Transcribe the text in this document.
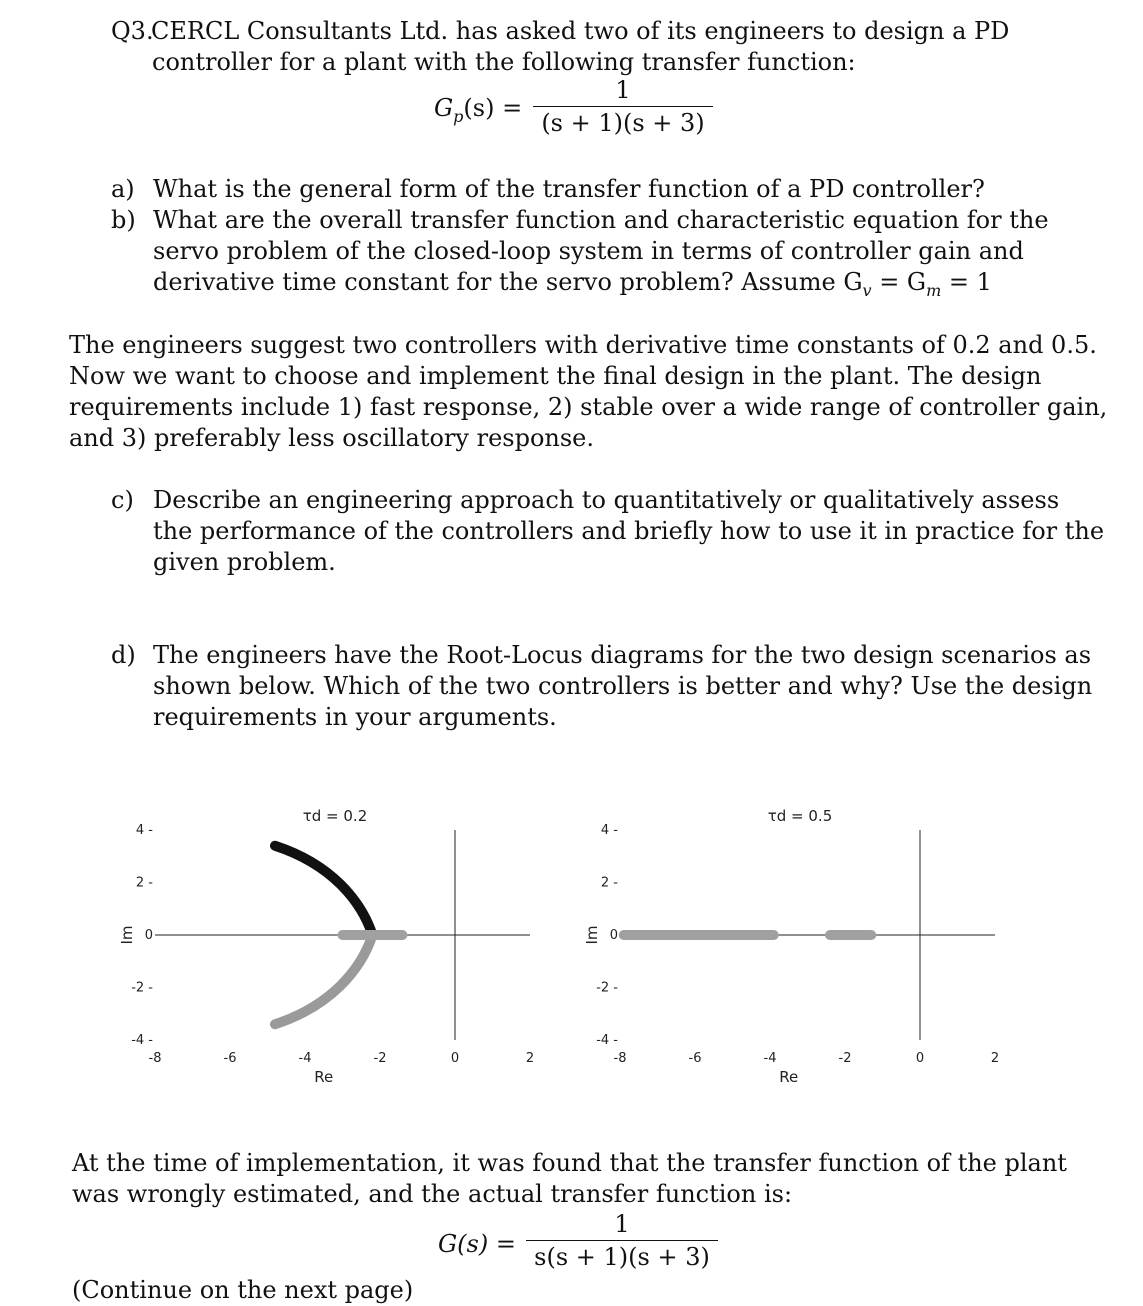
Q3.
CERCL Consultants Ltd. has asked two of its engineers to design a PD
controller for a plant with the following transfer function:
$G_p(s)$ =
1
(s + 1)(s + 3)
a) What is the general form of the transfer function of a PD controller?
b) What are the overall transfer function and characteristic equation for the
servo problem of the closed-loop system in terms of controller gain and
derivative time constant for the servo problem? Assume $G_v = G_m = 1$
The engineers suggest two controllers with derivative time constants of 0.2 and 0.5.
Now we want to choose and implement the final design in the plant. The design
requirements include 1) fast response, 2) stable over a wide range of controller gain,
and 3) preferably less oscillatory response.
c) Describe an engineering approach to quantitatively or qualitatively assess
the performance of the controllers and briefly how to use it in practice for the
given problem.
d) The engineers have the Root-Locus diagrams for the two design scenarios as
shown below. Which of the two controllers is better and why? Use the design
requirements in your arguments.
τd = 0.2
4 -
2 -
0
-2 -
-4 -
-8	-6	-4	-2	0	2
Re
Im
τd = 0.5
4 -
2 -
0
-2 -
-4 -
-8	-6	-4	-2	0	2
Re
Im
At the time of implementation, it was found that the transfer function of the plant
was wrongly estimated, and the actual transfer function is:
G(s) =
1
s(s + 1)(s + 3)
(Continue on the next page)
